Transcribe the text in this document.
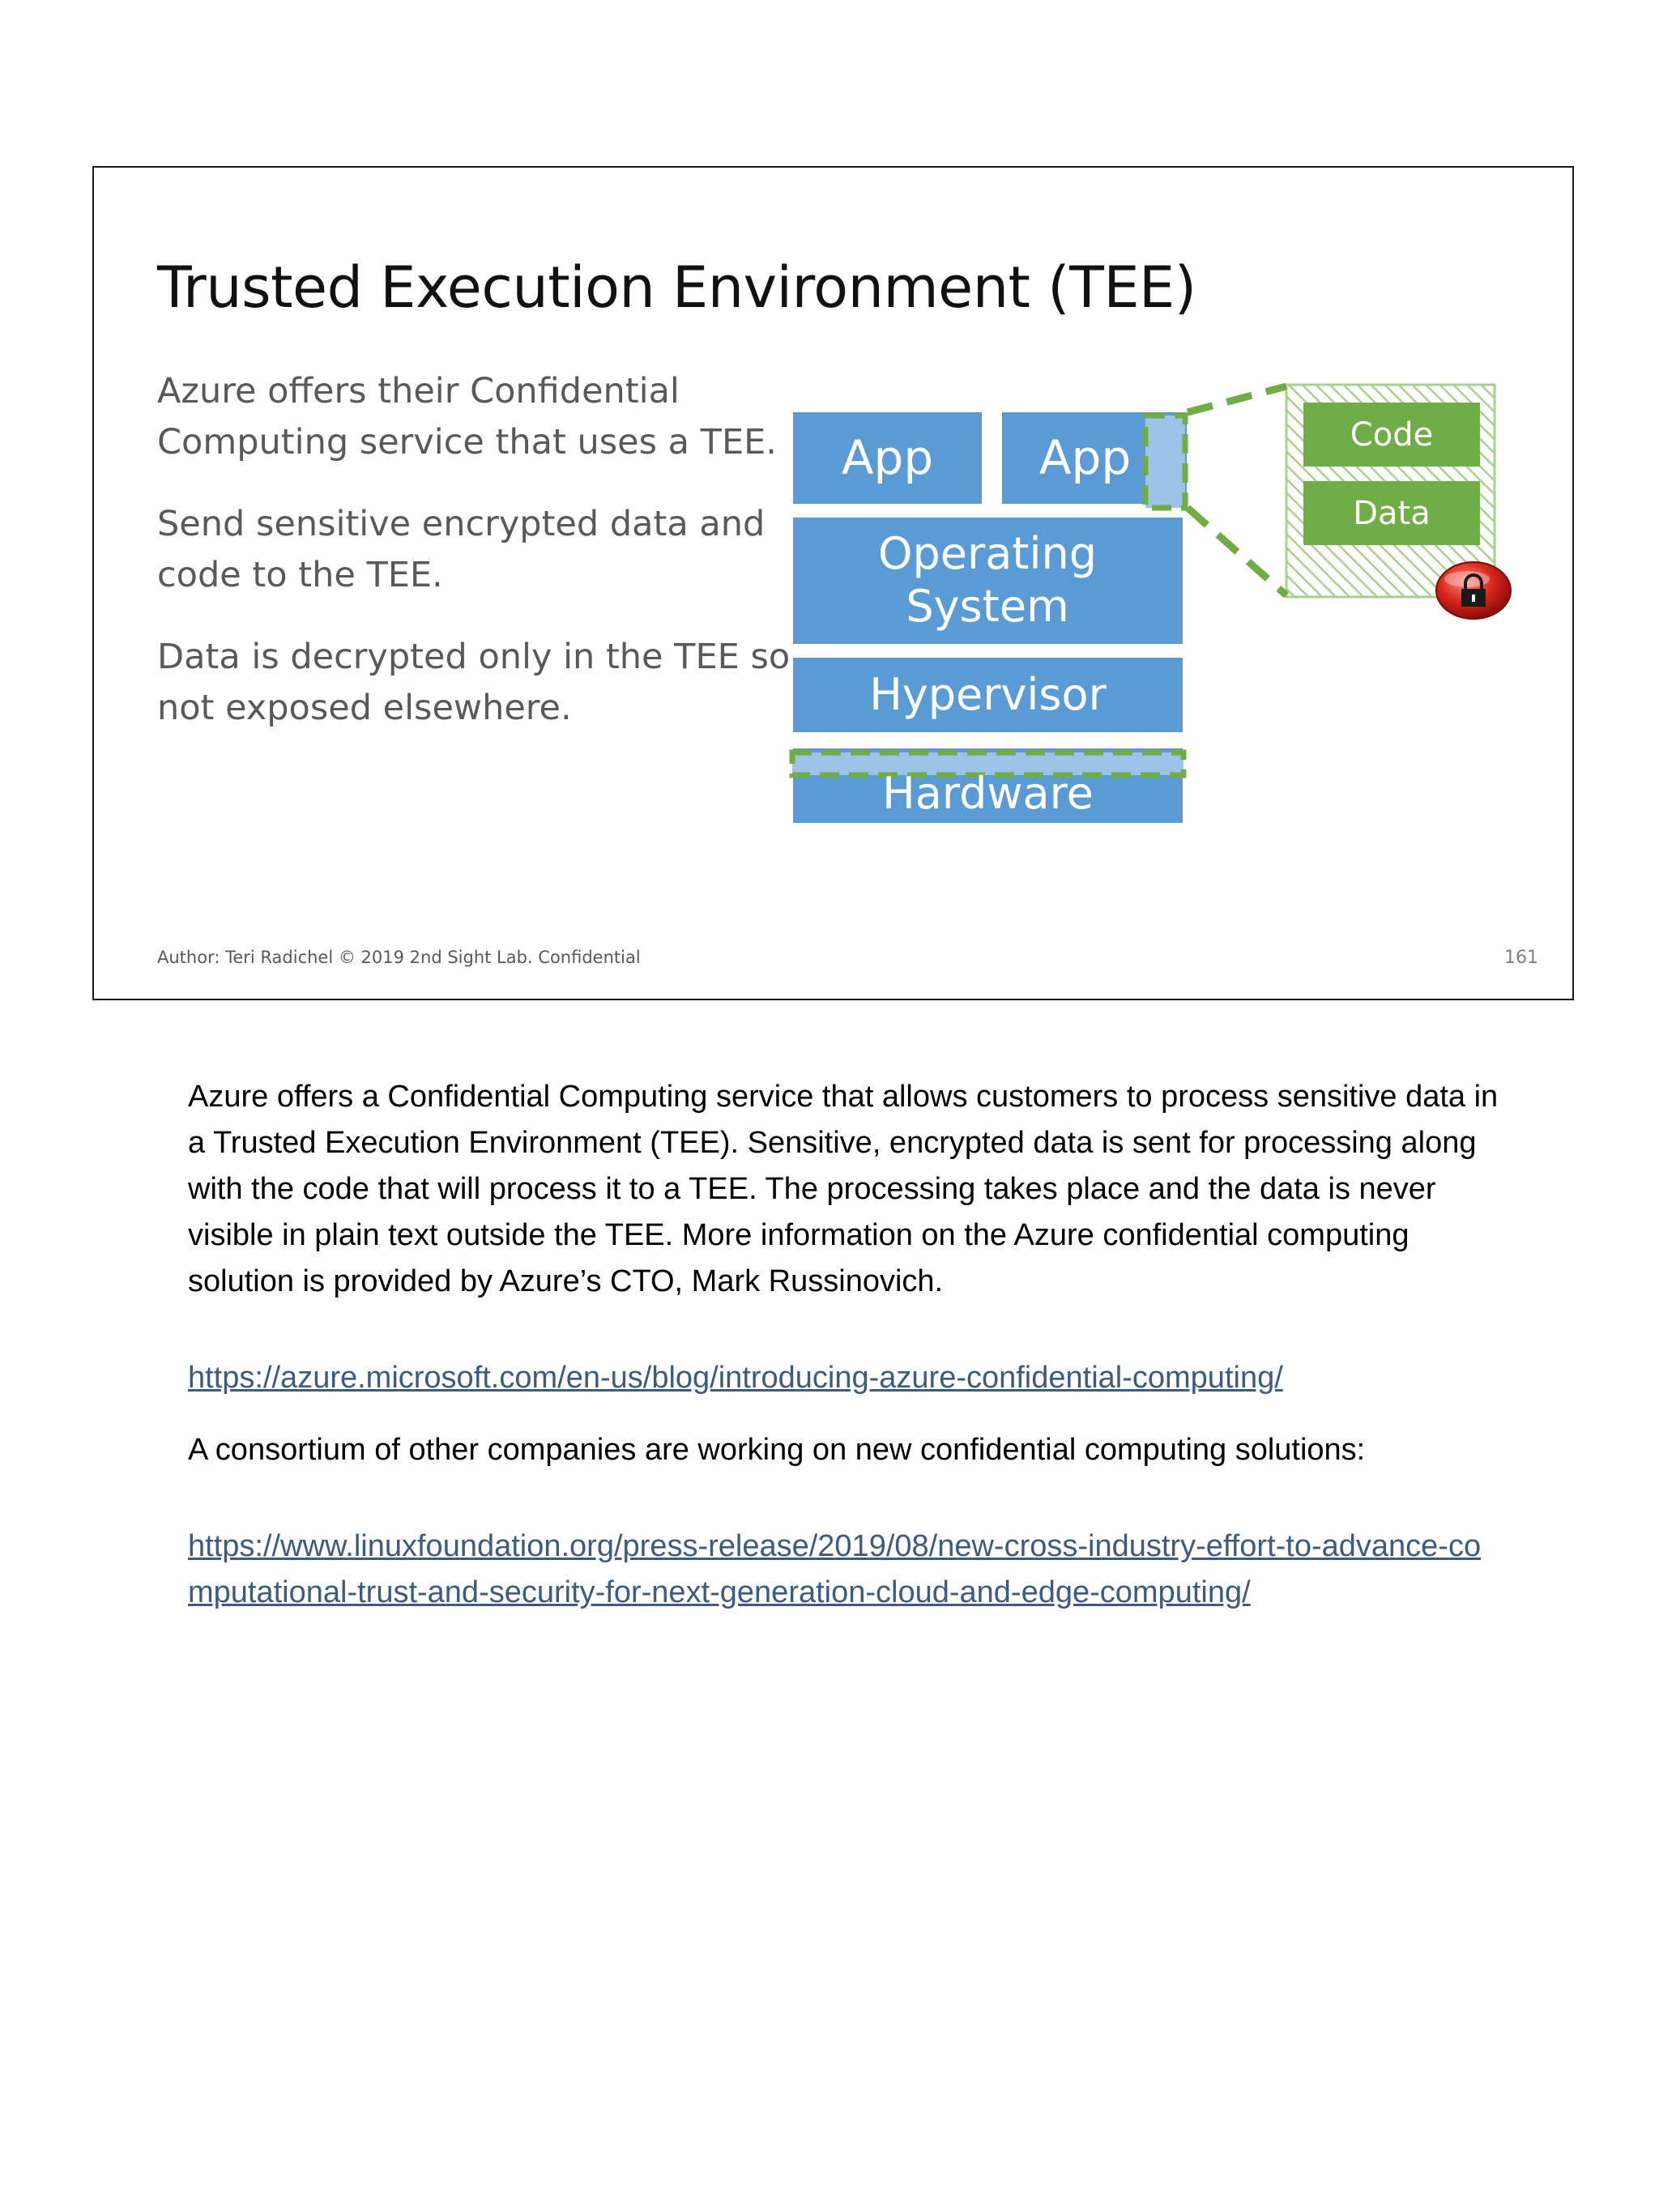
Trusted Execution Environment (TEE)

Azure offers their Confidential Computing service that uses a TEE.

Send sensitive encrypted data and code to the TEE.

Data is decrypted only in the TEE so not exposed elsewhere.

App	App
Operating System
Hypervisor
Hardware
Code
Data
Author: Teri Radichel © 2019 2nd Sight Lab. Confidential	161

Azure offers a Confidential Computing service that allows customers to process sensitive data in a Trusted Execution Environment (TEE). Sensitive, encrypted data is sent for processing along with the code that will process it to a TEE. The processing takes place and the data is never visible in plain text outside the TEE. More information on the Azure confidential computing solution is provided by Azure’s CTO, Mark Russinovich.

https://azure.microsoft.com/en-us/blog/introducing-azure-confidential-computing/

A consortium of other companies are working on new confidential computing solutions:

https://www.linuxfoundation.org/press-release/2019/08/new-cross-industry-effort-to-advance-computational-trust-and-security-for-next-generation-cloud-and-edge-computing/
